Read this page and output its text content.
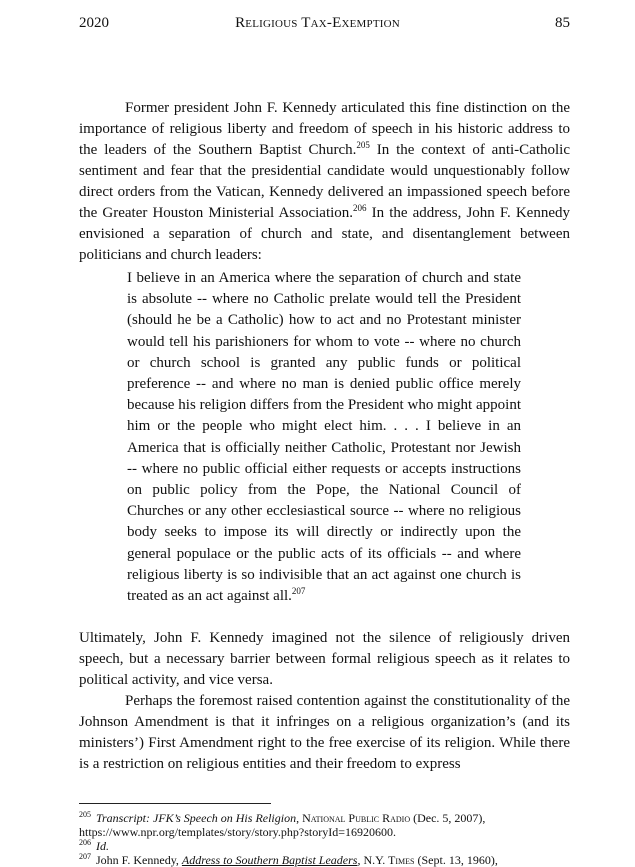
2020	Religious Tax-Exemption	85
Former president John F. Kennedy articulated this fine distinction on the importance of religious liberty and freedom of speech in his historic address to the leaders of the Southern Baptist Church.$^{205}$ In the context of anti-Catholic sentiment and fear that the presidential candidate would unquestionably follow direct orders from the Vatican, Kennedy delivered an impassioned speech before the Greater Houston Ministerial Association.$^{206}$ In the address, John F. Kennedy envisioned a separation of church and state, and disentanglement between politicians and church leaders:
I believe in an America where the separation of church and state is absolute -- where no Catholic prelate would tell the President (should he be a Catholic) how to act and no Protestant minister would tell his parishioners for whom to vote -- where no church or church school is granted any public funds or political preference -- and where no man is denied public office merely because his religion differs from the President who might appoint him or the people who might elect him. . . . I believe in an America that is officially neither Catholic, Protestant nor Jewish -- where no public official either requests or accepts instructions on public policy from the Pope, the National Council of Churches or any other ecclesiastical source -- where no religious body seeks to impose its will directly or indirectly upon the general populace or the public acts of its officials -- and where religious liberty is so indivisible that an act against one church is treated as an act against all.$^{207}$
Ultimately, John F. Kennedy imagined not the silence of religiously driven speech, but a necessary barrier between formal religious speech as it relates to political activity, and vice versa.
Perhaps the foremost raised contention against the constitutionality of the Johnson Amendment is that it infringes on a religious organization’s (and its ministers’) First Amendment right to the free exercise of its religion. While there is a restriction on religious entities and their freedom to express
$^{205}$ Transcript: JFK’s Speech on His Religion, National Public Radio (Dec. 5, 2007),
https://www.npr.org/templates/story/story.php?storyId=16920600.
$^{206}$ Id.
$^{207}$ John F. Kennedy, Address to Southern Baptist Leaders, N.Y. Times (Sept. 13, 1960),
